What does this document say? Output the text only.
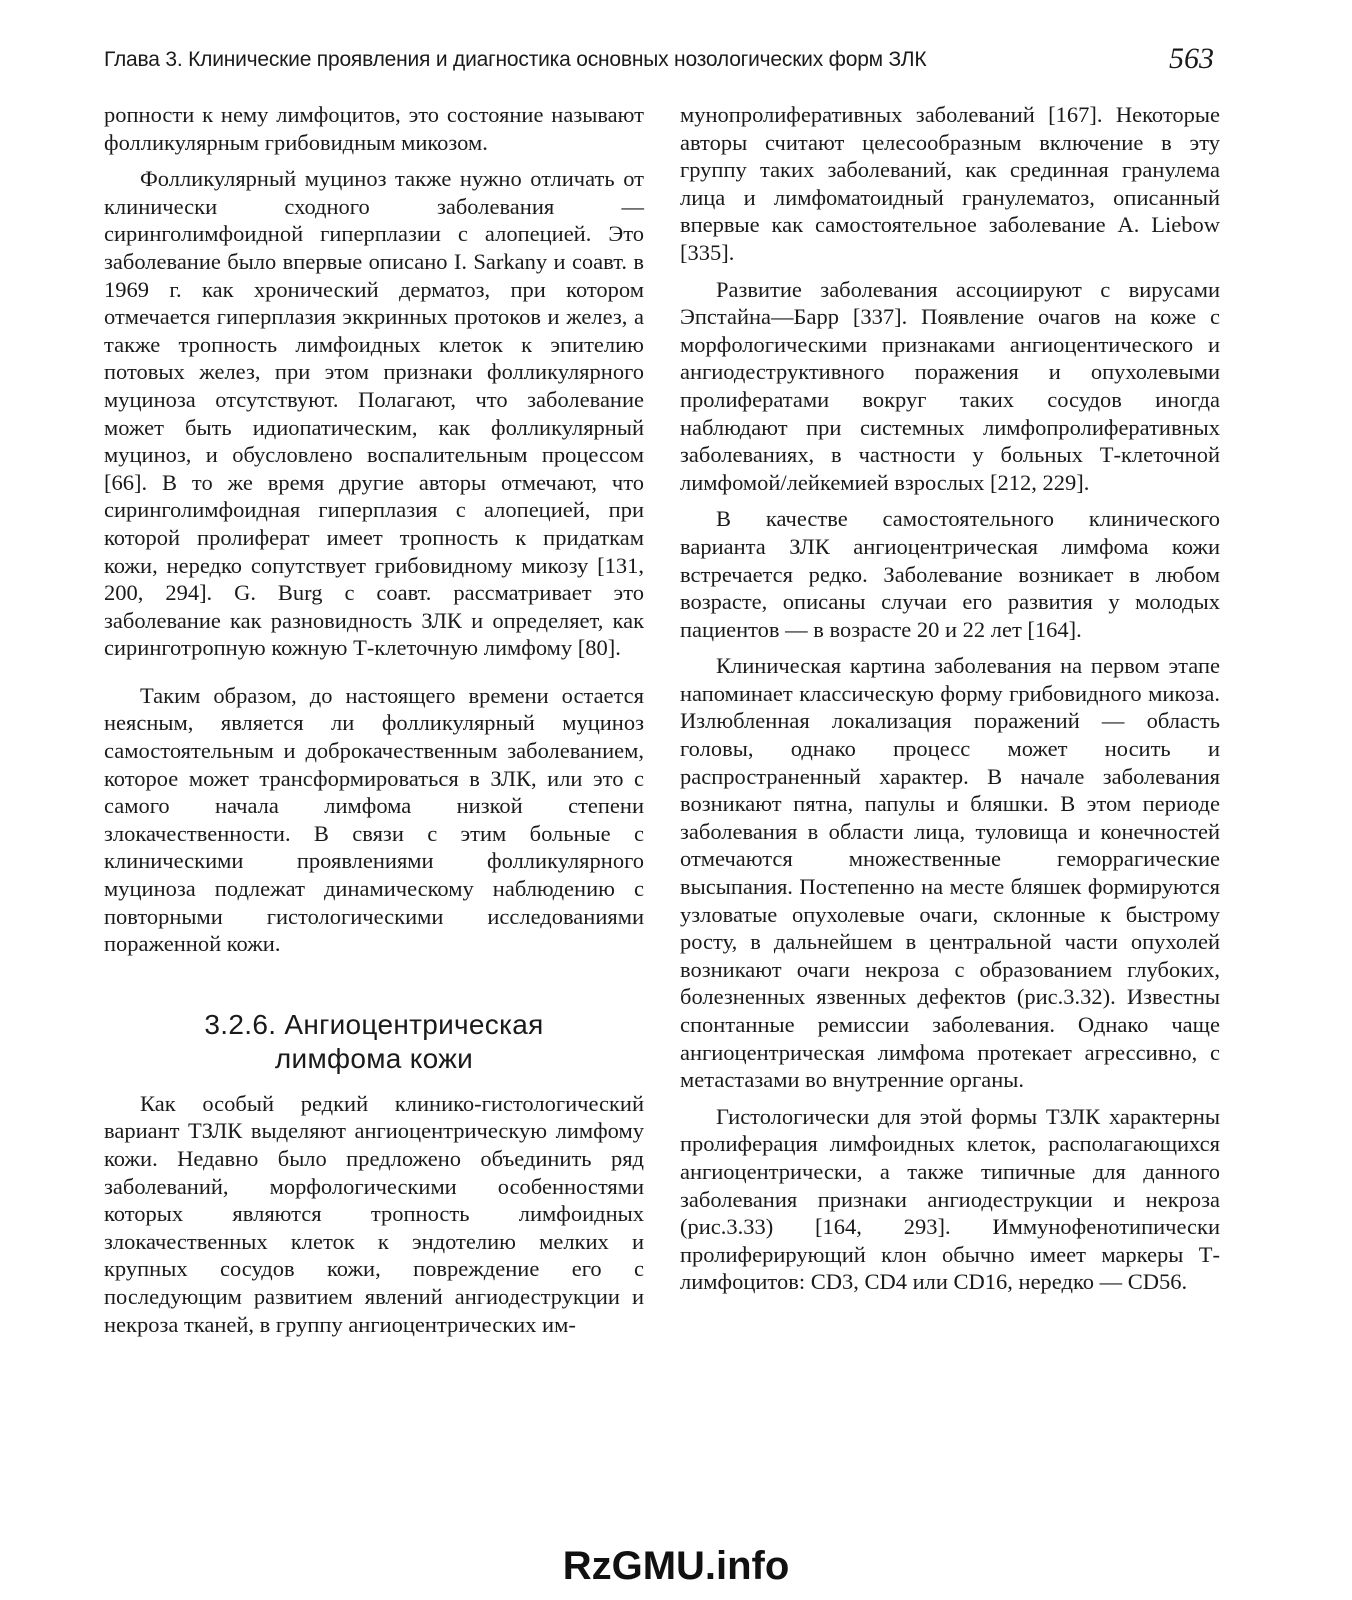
Глава 3. Клинические проявления и диагностика основных нозологических форм ЗЛК	563

ропности к нему лимфоцитов, это состояние называют фолликулярным грибовидным микозом.

Фолликулярный муциноз также нужно отличать от клинически сходного заболевания — сиринголимфоидной гиперплазии с алопецией. Это заболевание было впервые описано I. Sarkany и соавт. в 1969 г. как хронический дерматоз, при котором отмечается гиперплазия эккринных протоков и желез, а также тропность лимфоидных клеток к эпителию потовых желез, при этом признаки фолликулярного муциноза отсутствуют. Полагают, что заболевание может быть идиопатическим, как фолликулярный муциноз, и обусловлено воспалительным процессом [66]. В то же время другие авторы отмечают, что сиринголимфоидная гиперплазия с алопецией, при которой пролиферат имеет тропность к придаткам кожи, нередко сопутствует грибовидному микозу [131, 200, 294]. G. Burg с соавт. рассматривает это заболевание как разновидность ЗЛК и определяет, как сиринготропную кожную Т-клеточную лимфому [80].

Таким образом, до настоящего времени остается неясным, является ли фолликулярный муциноз самостоятельным и доброкачественным заболеванием, которое может трансформироваться в ЗЛК, или это с самого начала лимфома низкой степени злокачественности. В связи с этим больные с клиническими проявлениями фолликулярного муциноза подлежат динамическому наблюдению с повторными гистологическими исследованиями пораженной кожи.

3.2.6. Ангиоцентрическая
лимфома кожи

Как особый редкий клинико-гистологический вариант ТЗЛК выделяют ангиоцентрическую лимфому кожи. Недавно было предложено объединить ряд заболеваний, морфологическими особенностями которых являются тропность лимфоидных злокачественных клеток к эндотелию мелких и крупных сосудов кожи, повреждение его с последующим развитием явлений ангиодеструкции и некроза тканей, в группу ангиоцентрических им-

мунопролиферативных заболеваний [167]. Некоторые авторы считают целесообразным включение в эту группу таких заболеваний, как срединная гранулема лица и лимфоматоидный гранулематоз, описанный впервые как самостоятельное заболевание A. Liebow [335].

Развитие заболевания ассоциируют с вирусами Эпстайна—Барр [337]. Появление очагов на коже с морфологическими признаками ангиоцентического и ангиодеструктивного поражения и опухолевыми пролифератами вокруг таких сосудов иногда наблюдают при системных лимфопролиферативных заболеваниях, в частности у больных Т-клеточной лимфомой/лейкемией взрослых [212, 229].

В качестве самостоятельного клинического варианта ЗЛК ангиоцентрическая лимфома кожи встречается редко. Заболевание возникает в любом возрасте, описаны случаи его развития у молодых пациентов — в возрасте 20 и 22 лет [164].

Клиническая картина заболевания на первом этапе напоминает классическую форму грибовидного микоза. Излюбленная локализация поражений — область головы, однако процесс может носить и распространенный характер. В начале заболевания возникают пятна, папулы и бляшки. В этом периоде заболевания в области лица, туловища и конечностей отмечаются множественные геморрагические высыпания. Постепенно на месте бляшек формируются узловатые опухолевые очаги, склонные к быстрому росту, в дальнейшем в центральной части опухолей возникают очаги некроза с образованием глубоких, болезненных язвенных дефектов (рис.3.32). Известны спонтанные ремиссии заболевания. Однако чаще ангиоцентрическая лимфома протекает агрессивно, с метастазами во внутренние органы.

Гистологически для этой формы ТЗЛК характерны пролиферация лимфоидных клеток, располагающихся ангиоцентрически, а также типичные для данного заболевания признаки ангиодеструкции и некроза (рис.3.33) [164, 293]. Иммунофенотипически пролиферирующий клон обычно имеет маркеры Т-лимфоцитов: CD3, CD4 или CD16, нередко — CD56.

RzGMU.info
